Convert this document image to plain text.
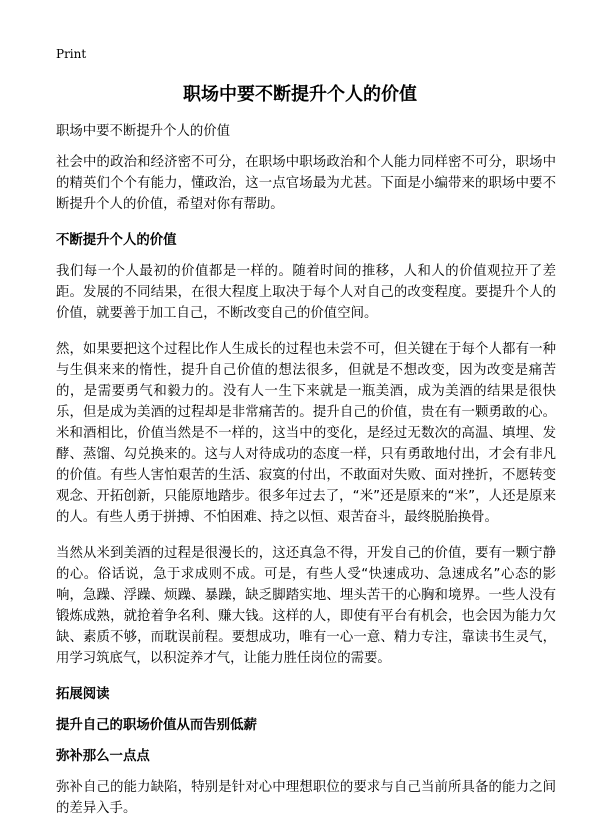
Print
职场中要不断提升个人的价值

职场中要不断提升个人的价值

社会中的政治和经济密不可分，在职场中职场政治和个人能力同样密不可分，职场中的精英们个个有能力，懂政治，这一点官场最为尤甚。下面是小编带来的职场中要不断提升个人的价值，希望对你有帮助。

不断提升个人的价值

我们每一个人最初的价值都是一样的。随着时间的推移，人和人的价值观拉开了差距。发展的不同结果，在很大程度上取决于每个人对自己的改变程度。要提升个人的价值，就要善于加工自己，不断改变自己的价值空间。

然，如果要把这个过程比作人生成长的过程也未尝不可，但关键在于每个人都有一种与生俱来来的惰性，提升自己价值的想法很多，但就是不想改变，因为改变是痛苦的，是需要勇气和毅力的。没有人一生下来就是一瓶美酒，成为美酒的结果是很快乐，但是成为美酒的过程却是非常痛苦的。提升自己的价值，贵在有一颗勇敢的心。米和酒相比，价值当然是不一样的，这当中的变化，是经过无数次的高温、填埋、发酵、蒸馏、勾兑换来的。这与人对待成功的态度一样，只有勇敢地付出，才会有非凡的价值。有些人害怕艰苦的生活、寂寞的付出，不敢面对失败、面对挫折，不愿转变观念、开拓创新，只能原地踏步。很多年过去了，“米”还是原来的“米”，人还是原来的人。有些人勇于拼搏、不怕困难、持之以恒、艰苦奋斗，最终脱胎换骨。

当然从米到美酒的过程是很漫长的，这还真急不得，开发自己的价值，要有一颗宁静的心。俗话说，急于求成则不成。可是，有些人受“快速成功、急速成名”心态的影响，急躁、浮躁、烦躁、暴躁，缺乏脚踏实地、埋头苦干的心胸和境界。一些人没有锻炼成熟，就抢着争名利、赚大钱。这样的人，即使有平台有机会，也会因为能力欠缺、素质不够，而耽误前程。要想成功，唯有一心一意、精力专注，靠读书生灵气，用学习筑底气，以积淀养才气，让能力胜任岗位的需要。

拓展阅读
提升自己的职场价值从而告别低薪
弥补那么一点点

弥补自己的能力缺陷，特别是针对心中理想职位的要求与自己当前所具备的能力之间的差异入手。
